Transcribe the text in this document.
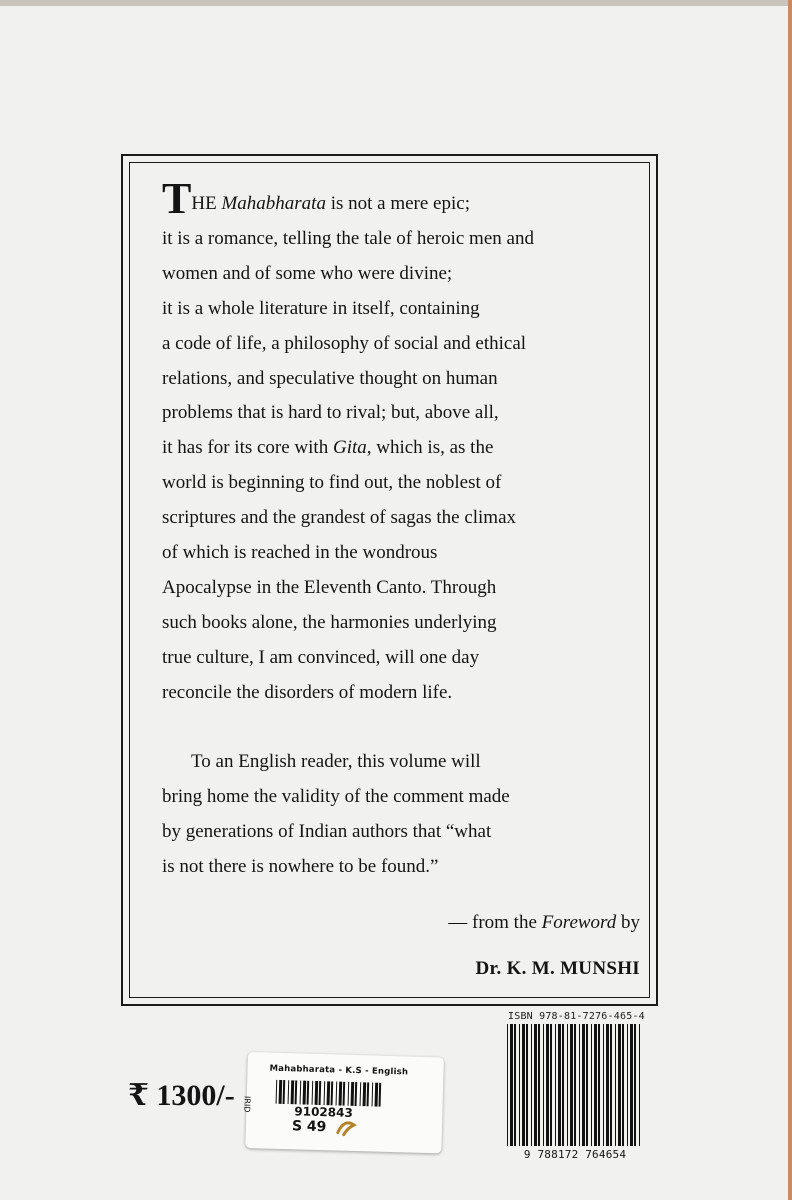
THE Mahabharata is not a mere epic;
it is a romance, telling the tale of heroic men and
women and of some who were divine;
it is a whole literature in itself, containing
a code of life, a philosophy of social and ethical
relations, and speculative thought on human
problems that is hard to rival; but, above all,
it has for its core with Gita, which is, as the
world is beginning to find out, the noblest of
scriptures and the grandest of sagas the climax
of which is reached in the wondrous
Apocalypse in the Eleventh Canto. Through
such books alone, the harmonies underlying
true culture, I am convinced, will one day
reconcile the disorders of modern life.
To an English reader, this volume will
bring home the validity of the comment made
by generations of Indian authors that “what
is not there is nowhere to be found.”
— from the Foreword by
Dr. K. M. MUNSHI
ISBN 978-81-7276-465-4
9 788172 764654
₹ 1300/-
Mahabharata - K.S - English
9102843
S 49
IRID
